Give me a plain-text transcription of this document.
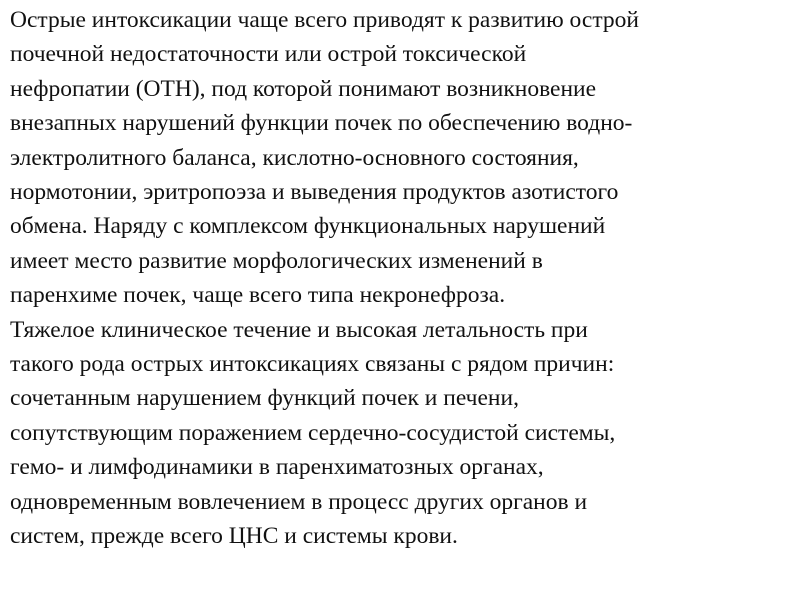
Острые интоксикации чаще всего приводят к развитию острой
почечной недостаточности или острой токсической
нефропатии (ОТН), под которой понимают возникновение
внезапных нарушений функции почек по обеспечению водно-
электролитного баланса, кислотно-основного состояния,
нормотонии, эритропоэза и выведения продуктов азотистого
обмена. Наряду с комплексом функциональных нарушений
имеет место развитие морфологических изменений в
паренхиме почек, чаще всего типа некронефроза.
Тяжелое клиническое течение и высокая летальность при
такого рода острых интоксикациях связаны с рядом причин:
сочетанным нарушением функций почек и печени,
сопутствующим поражением сердечно-сосудистой системы,
гемо- и лимфодинамики в паренхиматозных органах,
одновременным вовлечением в процесс других органов и
систем, прежде всего ЦНС и системы крови.
